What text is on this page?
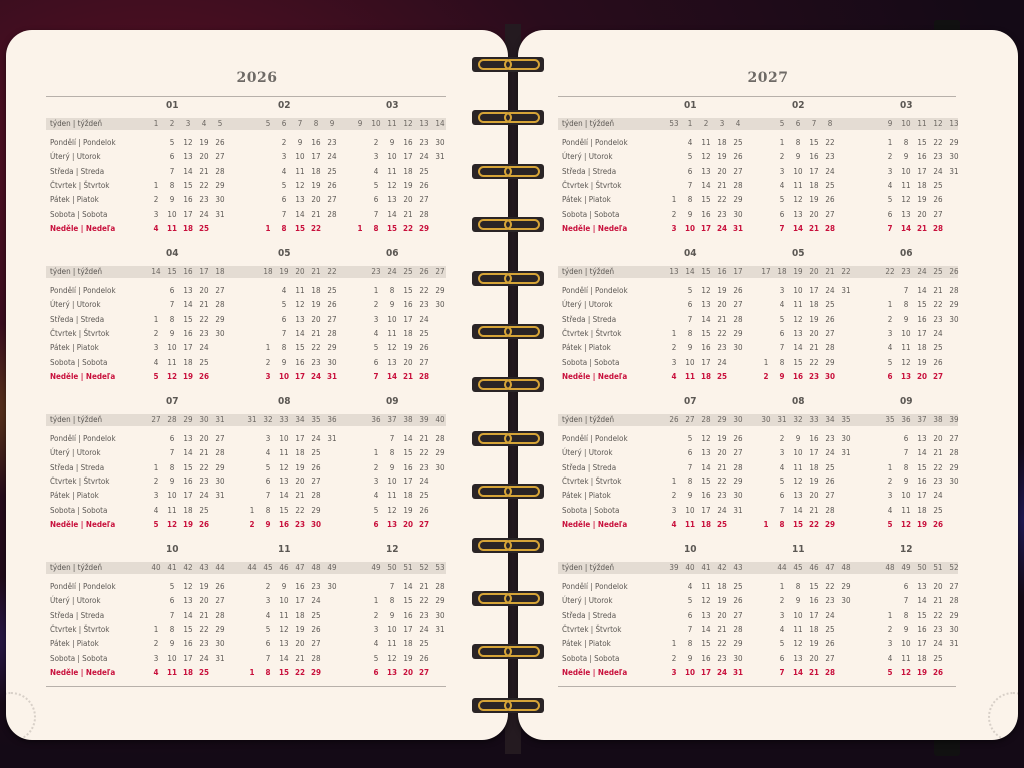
2026
01
týden | týždeň
Pondělí | Pondelok
Úterý | Utorok
Středa | Streda
Čtvrtek | Štvrtok
Pátek | Piatok
Sobota | Sobota
Neděle | Nedeľa
1
1
2
3
4
2
5
6
7
8
9
10
11
3
12
13
14
15
16
17
18
4
19
20
21
22
23
24
25
5
26
27
28
29
30
31
02
5
1
6
2
3
4
5
6
7
8
7
9
10
11
12
13
14
15
8
16
17
18
19
20
21
22
9
23
24
25
26
27
28
03
9
1
10
2
3
4
5
6
7
8
11
9
10
11
12
13
14
15
12
16
17
18
19
20
21
22
13
23
24
25
26
27
28
29
14
30
31
04
týden | týždeň
Pondělí | Pondelok
Úterý | Utorok
Středa | Streda
Čtvrtek | Štvrtok
Pátek | Piatok
Sobota | Sobota
Neděle | Nedeľa
14
1
2
3
4
5
15
6
7
8
9
10
11
12
16
13
14
15
16
17
18
19
17
20
21
22
23
24
25
26
18
27
28
29
30
05
18
1
2
3
19
4
5
6
7
8
9
10
20
11
12
13
14
15
16
17
21
18
19
20
21
22
23
24
22
25
26
27
28
29
30
31
06
23
1
2
3
4
5
6
7
24
8
9
10
11
12
13
14
25
15
16
17
18
19
20
21
26
22
23
24
25
26
27
28
27
29
30
07
týden | týždeň
Pondělí | Pondelok
Úterý | Utorok
Středa | Streda
Čtvrtek | Štvrtok
Pátek | Piatok
Sobota | Sobota
Neděle | Nedeľa
27
1
2
3
4
5
28
6
7
8
9
10
11
12
29
13
14
15
16
17
18
19
30
20
21
22
23
24
25
26
31
27
28
29
30
31
08
31
1
2
32
3
4
5
6
7
8
9
33
10
11
12
13
14
15
16
34
17
18
19
20
21
22
23
35
24
25
26
27
28
29
30
36
31
09
36
1
2
3
4
5
6
37
7
8
9
10
11
12
13
38
14
15
16
17
18
19
20
39
21
22
23
24
25
26
27
40
28
29
30
10
týden | týždeň
Pondělí | Pondelok
Úterý | Utorok
Středa | Streda
Čtvrtek | Štvrtok
Pátek | Piatok
Sobota | Sobota
Neděle | Nedeľa
40
1
2
3
4
41
5
6
7
8
9
10
11
42
12
13
14
15
16
17
18
43
19
20
21
22
23
24
25
44
26
27
28
29
30
31
11
44
1
45
2
3
4
5
6
7
8
46
9
10
11
12
13
14
15
47
16
17
18
19
20
21
22
48
23
24
25
26
27
28
29
49
30
12
49
1
2
3
4
5
6
50
7
8
9
10
11
12
13
51
14
15
16
17
18
19
20
52
21
22
23
24
25
26
27
53
28
29
30
31
2027
01
týden | týždeň
Pondělí | Pondelok
Úterý | Utorok
Středa | Streda
Čtvrtek | Štvrtok
Pátek | Piatok
Sobota | Sobota
Neděle | Nedeľa
53
1
2
3
1
4
5
6
7
8
9
10
2
11
12
13
14
15
16
17
3
18
19
20
21
22
23
24
4
25
26
27
28
29
30
31
02
5
1
2
3
4
5
6
7
6
8
9
10
11
12
13
14
7
15
16
17
18
19
20
21
8
22
23
24
25
26
27
28
03
9
1
2
3
4
5
6
7
10
8
9
10
11
12
13
14
11
15
16
17
18
19
20
21
12
22
23
24
25
26
27
28
13
29
30
31
04
týden | týždeň
Pondělí | Pondelok
Úterý | Utorok
Středa | Streda
Čtvrtek | Štvrtok
Pátek | Piatok
Sobota | Sobota
Neděle | Nedeľa
13
1
2
3
4
14
5
6
7
8
9
10
11
15
12
13
14
15
16
17
18
16
19
20
21
22
23
24
25
17
26
27
28
29
30
05
17
1
2
18
3
4
5
6
7
8
9
19
10
11
12
13
14
15
16
20
17
18
19
20
21
22
23
21
24
25
26
27
28
29
30
22
31
06
22
1
2
3
4
5
6
23
7
8
9
10
11
12
13
24
14
15
16
17
18
19
20
25
21
22
23
24
25
26
27
26
28
29
30
07
týden | týždeň
Pondělí | Pondelok
Úterý | Utorok
Středa | Streda
Čtvrtek | Štvrtok
Pátek | Piatok
Sobota | Sobota
Neděle | Nedeľa
26
1
2
3
4
27
5
6
7
8
9
10
11
28
12
13
14
15
16
17
18
29
19
20
21
22
23
24
25
30
26
27
28
29
30
31
08
30
1
31
2
3
4
5
6
7
8
32
9
10
11
12
13
14
15
33
16
17
18
19
20
21
22
34
23
24
25
26
27
28
29
35
30
31
09
35
1
2
3
4
5
36
6
7
8
9
10
11
12
37
13
14
15
16
17
18
19
38
20
21
22
23
24
25
26
39
27
28
29
30
10
týden | týždeň
Pondělí | Pondelok
Úterý | Utorok
Středa | Streda
Čtvrtek | Štvrtok
Pátek | Piatok
Sobota | Sobota
Neděle | Nedeľa
39
1
2
3
40
4
5
6
7
8
9
10
41
11
12
13
14
15
16
17
42
18
19
20
21
22
23
24
43
25
26
27
28
29
30
31
11
44
1
2
3
4
5
6
7
45
8
9
10
11
12
13
14
46
15
16
17
18
19
20
21
47
22
23
24
25
26
27
28
48
29
30
12
48
1
2
3
4
5
49
6
7
8
9
10
11
12
50
13
14
15
16
17
18
19
51
20
21
22
23
24
25
26
52
27
28
29
30
31
